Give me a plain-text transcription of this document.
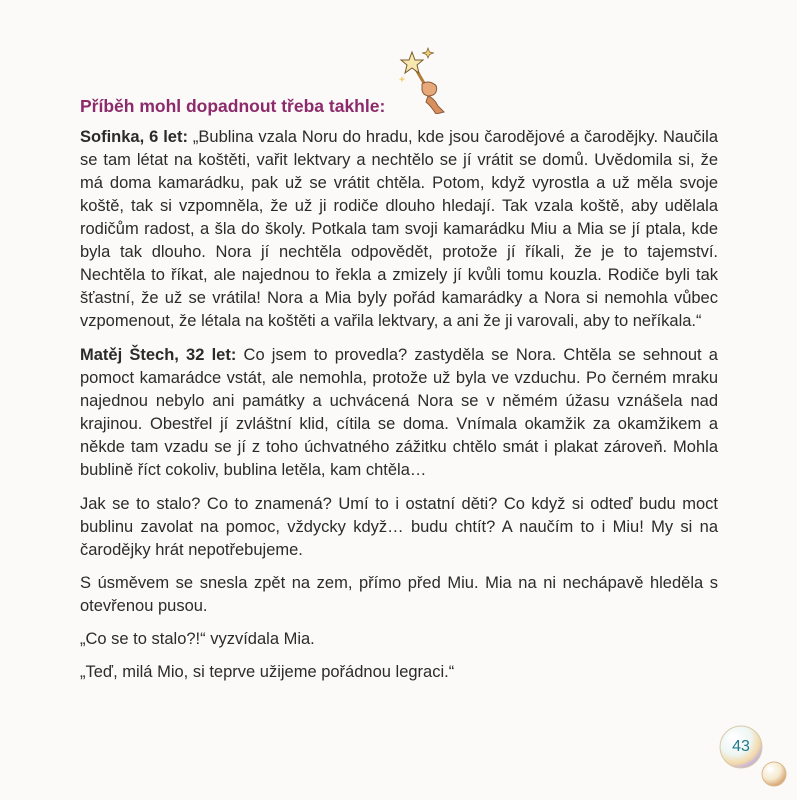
Příběh mohl dopadnout třeba takhle:

Sofinka, 6 let: „Bublina vzala Noru do hradu, kde jsou čarodějové a čarodějky. Naučila se tam létat na koštěti, vařit lektvary a nechtělo se jí vrátit se domů. Uvědomila si, že má doma kamarádku, pak už se vrátit chtěla. Potom, když vyrostla a už měla svoje koště, tak si vzpomněla, že už ji rodiče dlouho hledají. Tak vzala koště, aby udělala rodičům radost, a šla do školy. Potkala tam svoji kamarádku Miu a Mia se jí ptala, kde byla tak dlouho. Nora jí nechtěla odpovědět, protože jí říkali, že je to tajemství. Nechtěla to říkat, ale najednou to řekla a zmizely jí kvůli tomu kouzla. Rodiče byli tak šťastní, že už se vrátila! Nora a Mia byly pořád kamarádky a Nora si nemohla vůbec vzpomenout, že létala na koštěti a vařila lektvary, a ani že ji varovali, aby to neříkala.“

Matěj Štech, 32 let: Co jsem to provedla? zastyděla se Nora. Chtěla se sehnout a pomoct kamarádce vstát, ale nemohla, protože už byla ve vzduchu. Po černém mraku najednou nebylo ani památky a uchvácená Nora se v němém úžasu vznášela nad krajinou. Obestřel jí zvláštní klid, cítila se doma. Vnímala okamžik za okamžikem a někde tam vzadu se jí z toho úchvatného zážitku chtělo smát i plakat zároveň. Mohla bublině říct cokoliv, bublina letěla, kam chtěla…

Jak se to stalo? Co to znamená? Umí to i ostatní děti? Co když si odteď budu moct bublinu zavolat na pomoc, vždycky když… budu chtít? A naučím to i Miu! My si na čarodějky hrát nepotřebujeme.

S úsměvem se snesla zpět na zem, přímo před Miu. Mia na ni nechápavě hleděla s otevřenou pusou.

„Co se to stalo?!“ vyzvídala Mia.

„Teď, milá Mio, si teprve užijeme pořádnou legraci.“

43
